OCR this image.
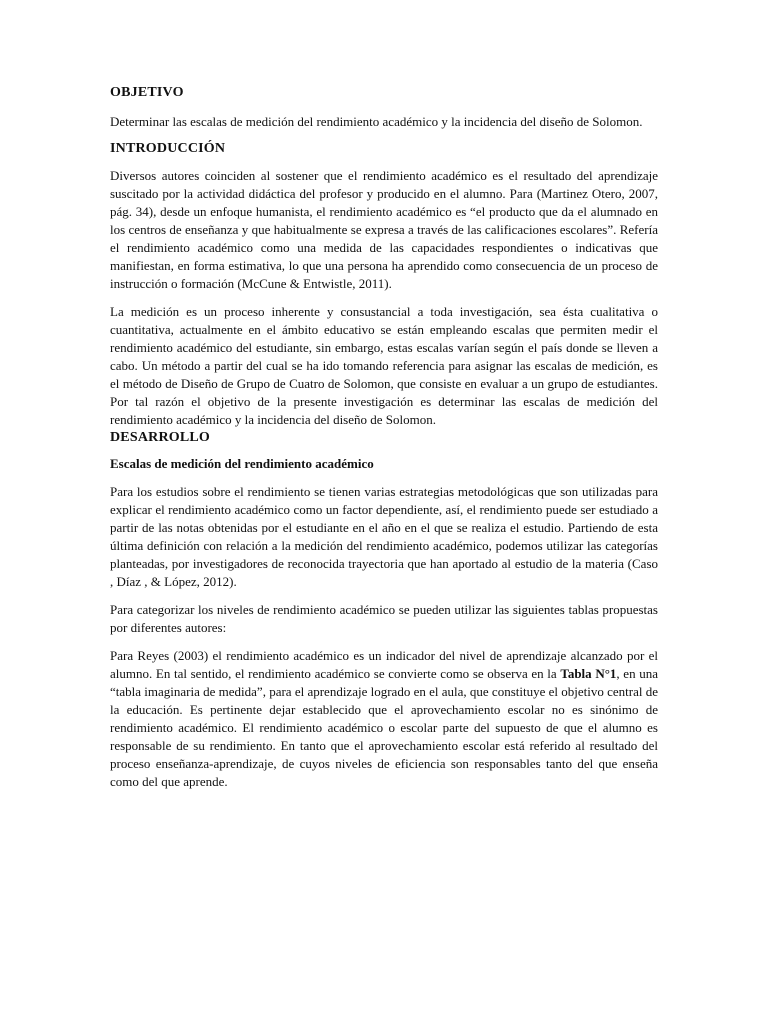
OBJETIVO

Determinar las escalas de medición del rendimiento académico y la incidencia del diseño de Solomon.

INTRODUCCIÓN

Diversos autores coinciden al sostener que el rendimiento académico es el resultado del aprendizaje suscitado por la actividad didáctica del profesor y producido en el alumno. Para (Martinez Otero, 2007, pág. 34), desde un enfoque humanista, el rendimiento académico es “el producto que da el alumnado en los centros de enseñanza y que habitualmente se expresa a través de las calificaciones escolares”. Refería el rendimiento académico como una medida de las capacidades respondientes o indicativas que manifiestan, en forma estimativa, lo que una persona ha aprendido como consecuencia de un proceso de instrucción o formación (McCune & Entwistle, 2011).

La medición es un proceso inherente y consustancial a toda investigación, sea ésta cualitativa o cuantitativa, actualmente en el ámbito educativo se están empleando escalas que permiten medir el rendimiento académico del estudiante, sin embargo, estas escalas varían según el país donde se lleven a cabo. Un método a partir del cual se ha ido tomando referencia para asignar las escalas de medición, es el método de Diseño de Grupo de Cuatro de Solomon, que consiste en evaluar a un grupo de estudiantes. Por tal razón el objetivo de la presente investigación es determinar las escalas de medición del rendimiento académico y la incidencia del diseño de Solomon.

DESARROLLO
Escalas de medición del rendimiento académico

Para los estudios sobre el rendimiento se tienen varias estrategias metodológicas que son utilizadas para explicar el rendimiento académico como un factor dependiente, así, el rendimiento puede ser estudiado a partir de las notas obtenidas por el estudiante en el año en el que se realiza el estudio. Partiendo de esta última definición con relación a la medición del rendimiento académico, podemos utilizar las categorías planteadas, por investigadores de reconocida trayectoria que han aportado al estudio de la materia (Caso , Díaz , & López, 2012).

Para categorizar los niveles de rendimiento académico se pueden utilizar las siguientes tablas propuestas por diferentes autores:

Para Reyes (2003) el rendimiento académico es un indicador del nivel de aprendizaje alcanzado por el alumno. En tal sentido, el rendimiento académico se convierte como se observa en la Tabla N°1, en una “tabla imaginaria de medida”, para el aprendizaje logrado en el aula, que constituye el objetivo central de la educación. Es pertinente dejar establecido que el aprovechamiento escolar no es sinónimo de rendimiento académico. El rendimiento académico o escolar parte del supuesto de que el alumno es responsable de su rendimiento. En tanto que el aprovechamiento escolar está referido al resultado del proceso enseñanza-aprendizaje, de cuyos niveles de eficiencia son responsables tanto del que enseña como del que aprende.
